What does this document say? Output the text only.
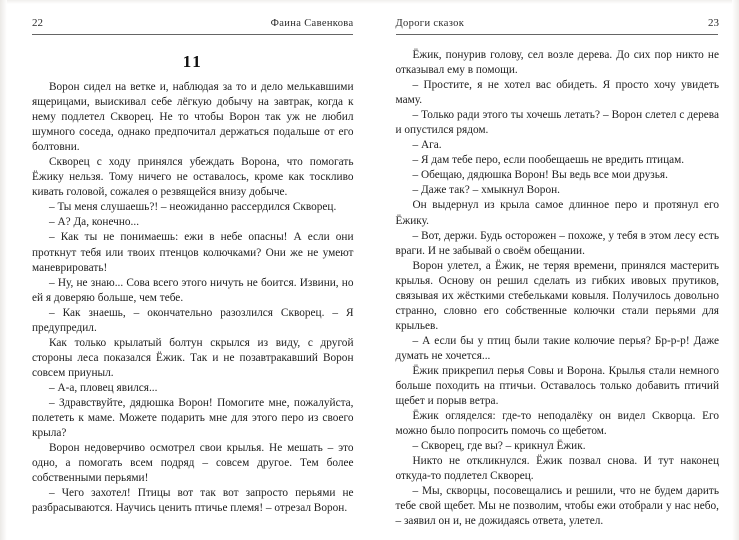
22	Фаина Савенкова
11

Ворон сидел на ветке и, наблюдая за то и дело мелькавшими ящерицами, выискивал себе лёгкую добычу на завтрак, когда к нему подлетел Скворец. Не то чтобы Ворон так уж не любил шумного соседа, однако предпочитал держаться подальше от его болтовни.

Скворец с ходу принялся убеждать Ворона, что помогать Ёжику нельзя. Тому ничего не оставалось, кроме как тоскливо кивать головой, сожалея о резвящейся внизу добыче.

– Ты меня слушаешь?! – неожиданно рассердился Скворец.

– А? Да, конечно...

– Как ты не понимаешь: ежи в небе опасны! А если они проткнут тебя или твоих птенцов колючками? Они же не умеют маневрировать!

– Ну, не знаю... Сова всего этого ничуть не боится. Извини, но ей я доверяю больше, чем тебе.

– Как знаешь, – окончательно разозлился Скворец. – Я предупредил.

Как только крылатый болтун скрылся из виду, с другой стороны леса показался Ёжик. Так и не позавтракавший Ворон совсем приуныл.

– А-а, пловец явился...

– Здравствуйте, дядюшка Ворон! Помогите мне, пожалуйста, полететь к маме. Можете подарить мне для этого перо из своего крыла?

Ворон недоверчиво осмотрел свои крылья. Не мешать – это одно, а помогать всем подряд – совсем другое. Тем более собственными перьями!

– Чего захотел! Птицы вот так вот запросто перьями не разбрасываются. Научись ценить птичье племя! – отрезал Ворон.

Дороги сказок	23

Ёжик, понурив голову, сел возле дерева. До сих пор никто не отказывал ему в помощи.

– Простите, я не хотел вас обидеть. Я просто хочу увидеть маму.

– Только ради этого ты хочешь летать? – Ворон слетел с дерева и опустился рядом.

– Ага.

– Я дам тебе перо, если пообещаешь не вредить птицам.

– Обещаю, дядюшка Ворон! Вы ведь все мои друзья.

– Даже так? – хмыкнул Ворон.

Он выдернул из крыла самое длинное перо и протянул его Ёжику.

– Вот, держи. Будь осторожен – похоже, у тебя в этом лесу есть враги. И не забывай о своём обещании.

Ворон улетел, а Ёжик, не теряя времени, принялся мастерить крылья. Основу он решил сделать из гибких ивовых прутиков, связывая их жёсткими стебельками ковыля. Получилось довольно странно, словно его собственные колючки стали перьями для крыльев.

– А если бы у птиц были такие колючие перья? Бр-р-р! Даже думать не хочется...

Ёжик прикрепил перья Совы и Ворона. Крылья стали немного больше походить на птичьи. Оставалось только добавить птичий щебет и порыв ветра.

Ёжик огляделся: где-то неподалёку он видел Скворца. Его можно было попросить помочь со щебетом.

– Скворец, где вы? – крикнул Ёжик.

Никто не откликнулся. Ёжик позвал снова. И тут наконец откуда-то подлетел Скворец.

– Мы, скворцы, посовещались и решили, что не будем дарить тебе свой щебет. Мы не позволим, чтобы ежи отобрали у нас небо, – заявил он и, не дожидаясь ответа, улетел.
